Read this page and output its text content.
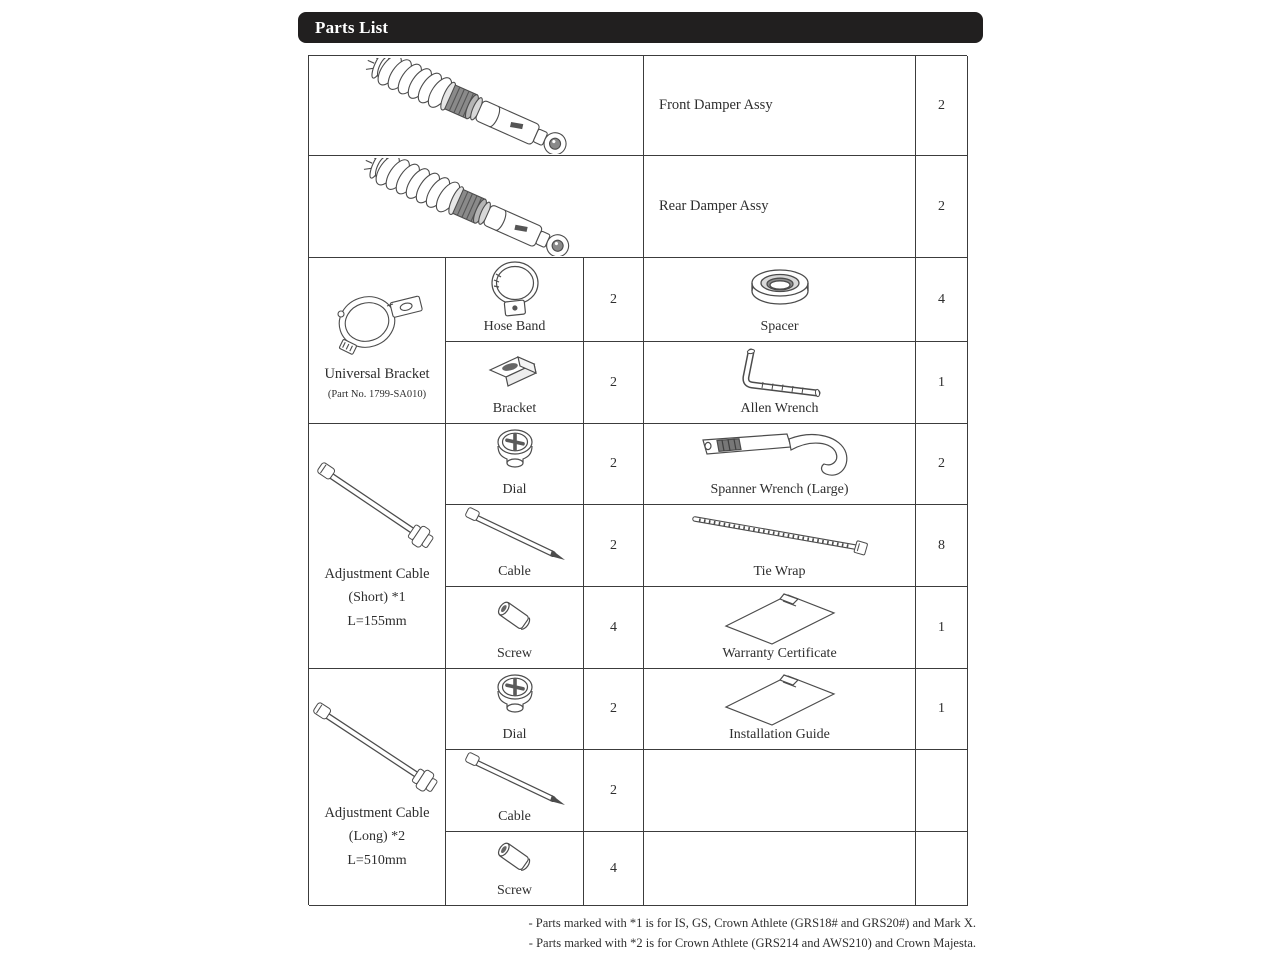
Parts List
Front Damper Assy	2
Rear Damper Assy	2
Universal Bracket
(Part No. 1799-SA010)
Hose Band
2
Spacer
4
Bracket
2
Allen Wrench
1
Adjustment Cable
(Short) *1
L=155mm
Dial
2
Spanner Wrench (Large)
2
Cable
2
Tie Wrap
8
Screw
4
Warranty Certificate
1
Adjustment Cable
(Long) *2
L=510mm
Dial
2
Installation Guide
1
Cable
2
Screw
4
- Parts marked with *1 is for IS, GS, Crown Athlete (GRS18# and GRS20#) and Mark X.
- Parts marked with *2 is for Crown Athlete (GRS214 and AWS210) and Crown Majesta.
